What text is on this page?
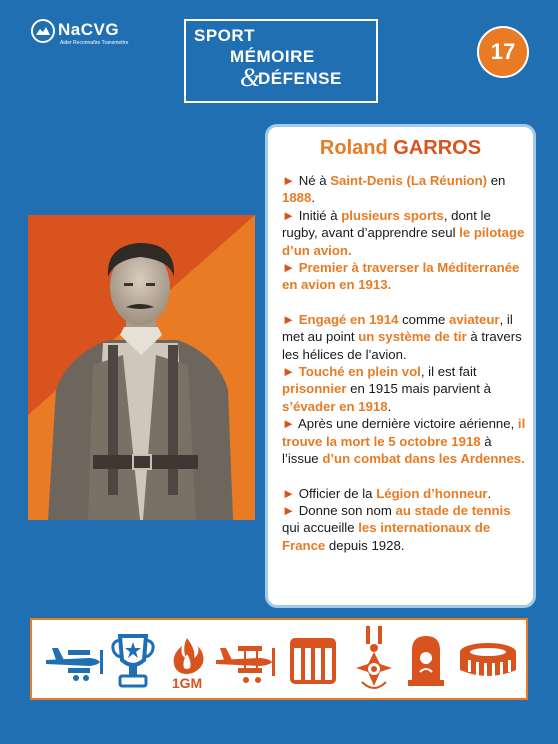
NaCVG
Aider Reconnaître Transmettre	SPORT
MÉMOIRE
&
DÉFENSE
17
Roland GARROS

► Né à Saint-Denis (La Réunion) en 1888.

► Initié à plusieurs sports, dont le rugby, avant d’apprendre seul le pilotage d’un avion.

► Premier à traverser la Méditerranée en avion en 1913.

► Engagé en 1914 comme aviateur, il met au point un système de tir à travers les hélices de l’avion.

► Touché en plein vol, il est fait prisonnier en 1915 mais parvient à s’évader en 1918.

► Après une dernière victoire aérienne, il trouve la mort le 5 octobre 1918 à l’issue d’un combat dans les Ardennes.

► Officier de la Légion d’honneur.

► Donne son nom au stade de tennis qui accueille les internationaux de France depuis 1928.

1GM
